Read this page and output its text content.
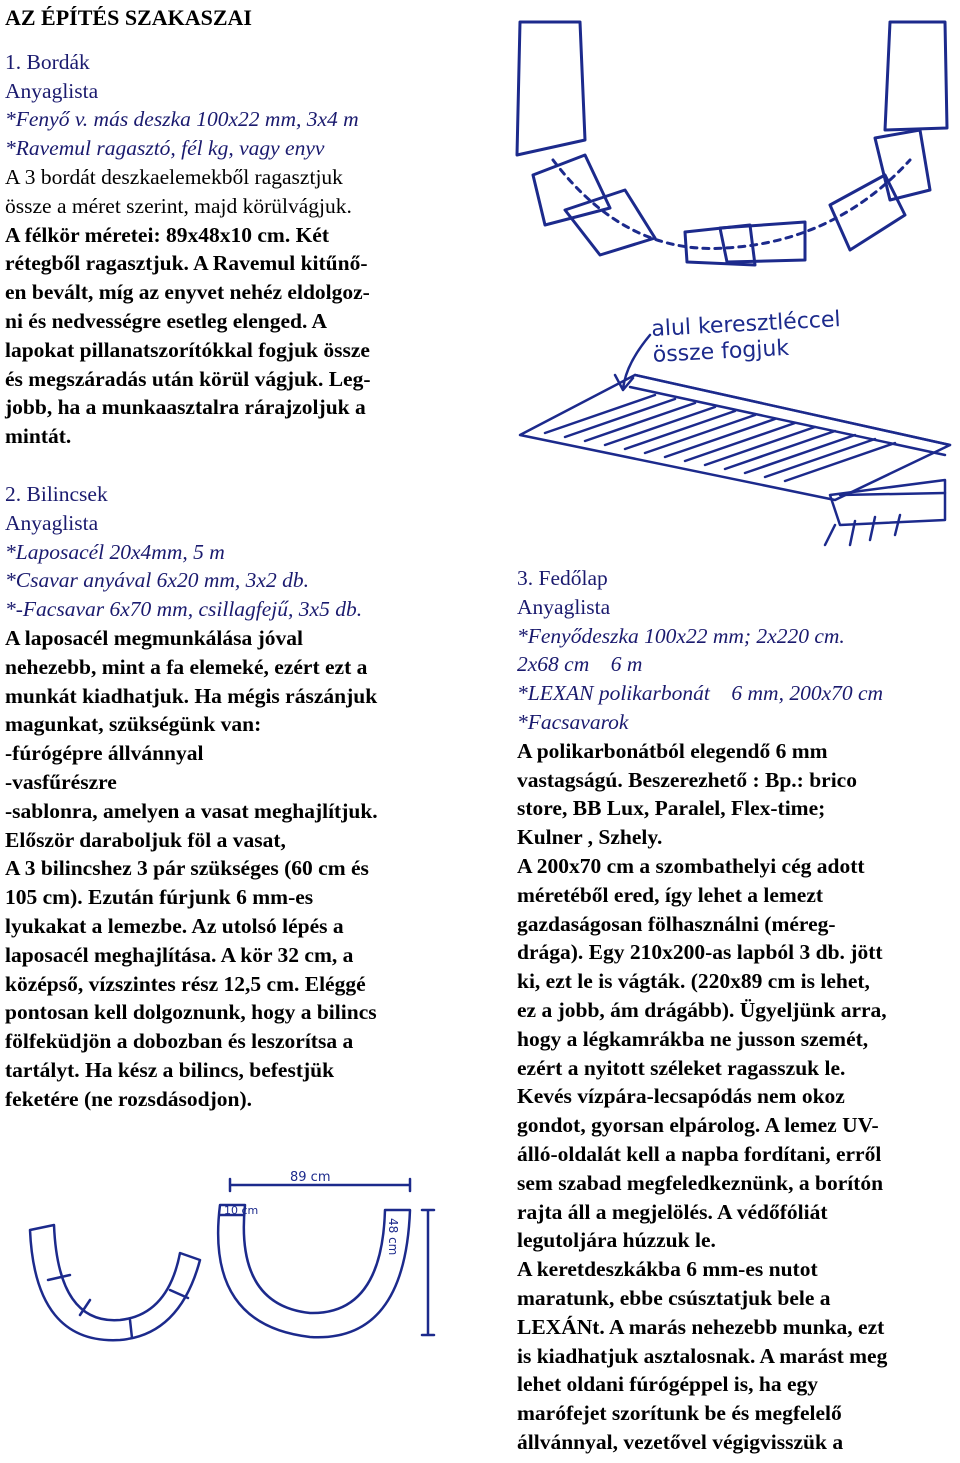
AZ ÉPÍTÉS SZAKASZAI

1. Bordák

Anyaglista

*Fenyő v. más deszka 100x22 mm, 3x4 m

*Ravemul ragasztó, fél kg, vagy enyv

A 3 bordát deszkaelemekből ragasztjuk

össze a méret szerint, majd körülvágjuk.

A félkör méretei: 89x48x10 cm. Két

rétegből ragasztjuk. A Ravemul kitűnő-

en bevált, míg az enyvet nehéz eldolgoz-

ni és nedvességre esetleg elenged. A

lapokat pillanatszorítókkal fogjuk össze

és megszáradás után körül vágjuk. Leg-

jobb, ha a munkaasztalra rárajzoljuk a

mintát.

2. Bilincsek

Anyaglista

*Laposacél 20x4mm, 5 m

*Csavar anyával 6x20 mm, 3x2 db.

*-Facsavar 6x70 mm, csillagfejű, 3x5 db.

A laposacél megmunkálása jóval

nehezebb, mint a fa elemeké, ezért ezt a

munkát kiadhatjuk. Ha mégis rászánjuk

magunkat, szükségünk van:

-fúrógépre állvánnyal

-vasfűrészre

-sablonra, amelyen a vasat meghajlítjuk.

Először daraboljuk föl a vasat,

A 3 bilincshez 3 pár szükséges (60 cm és

105 cm). Ezután fúrjunk 6 mm-es

lyukakat a lemezbe. Az utolsó lépés a

laposacél meghajlítása. A kör 32 cm, a

középső, vízszintes rész 12,5 cm. Eléggé

pontosan kell dolgoznunk, hogy a bilincs

fölfeküdjön a dobozban és leszorítsa a

tartályt. Ha kész a bilincs, befestjük

feketére (ne rozsdásodjon).

3. Fedőlap

Anyaglista

*Fenyődeszka 100x22 mm; 2x220 cm.

2x68 cm    6 m

*LEXAN polikarbonát    6 mm, 200x70 cm

*Facsavarok

A polikarbonátból elegendő 6 mm

vastagságú. Beszerezhető : Bp.: brico

store, BB Lux, Paralel, Flex-time;

Kulner , Szhely.

A 200x70 cm a szombathelyi cég adott

méretéből ered, így lehet a lemezt

gazdaságosan fölhasználni (méreg-

drága). Egy 210x200-as lapból 3 db. jött

ki, ezt le is vágták. (220x89 cm is lehet,

ez a jobb, ám drágább). Ügyeljünk arra,

hogy a légkamrákba ne jusson szemét,

ezért a nyitott széleket ragasszuk le.

Kevés vízpára-lecsapódás nem okoz

gondot, gyorsan elpárolog. A lemez UV-

álló-oldalát kell a napba fordítani, erről

sem szabad megfeledkeznünk, a borítón

rajta áll a megjelölés. A védőfóliát

legutoljára húzzuk le.

A keretdeszkákba 6 mm-es nutot

maratunk, ebbe csúsztatjuk bele a

LEXÁNt. A marás nehezebb munka, ezt

is kiadhatjuk asztalosnak. A marást meg

lehet oldani fúrógéppel is, ha egy

marófejet szorítunk be és megfelelő

állvánnyal, vezetővel végigvisszük a

alul keresztléccel
össze fogjuk
89 cm
10 cm
48 cm
